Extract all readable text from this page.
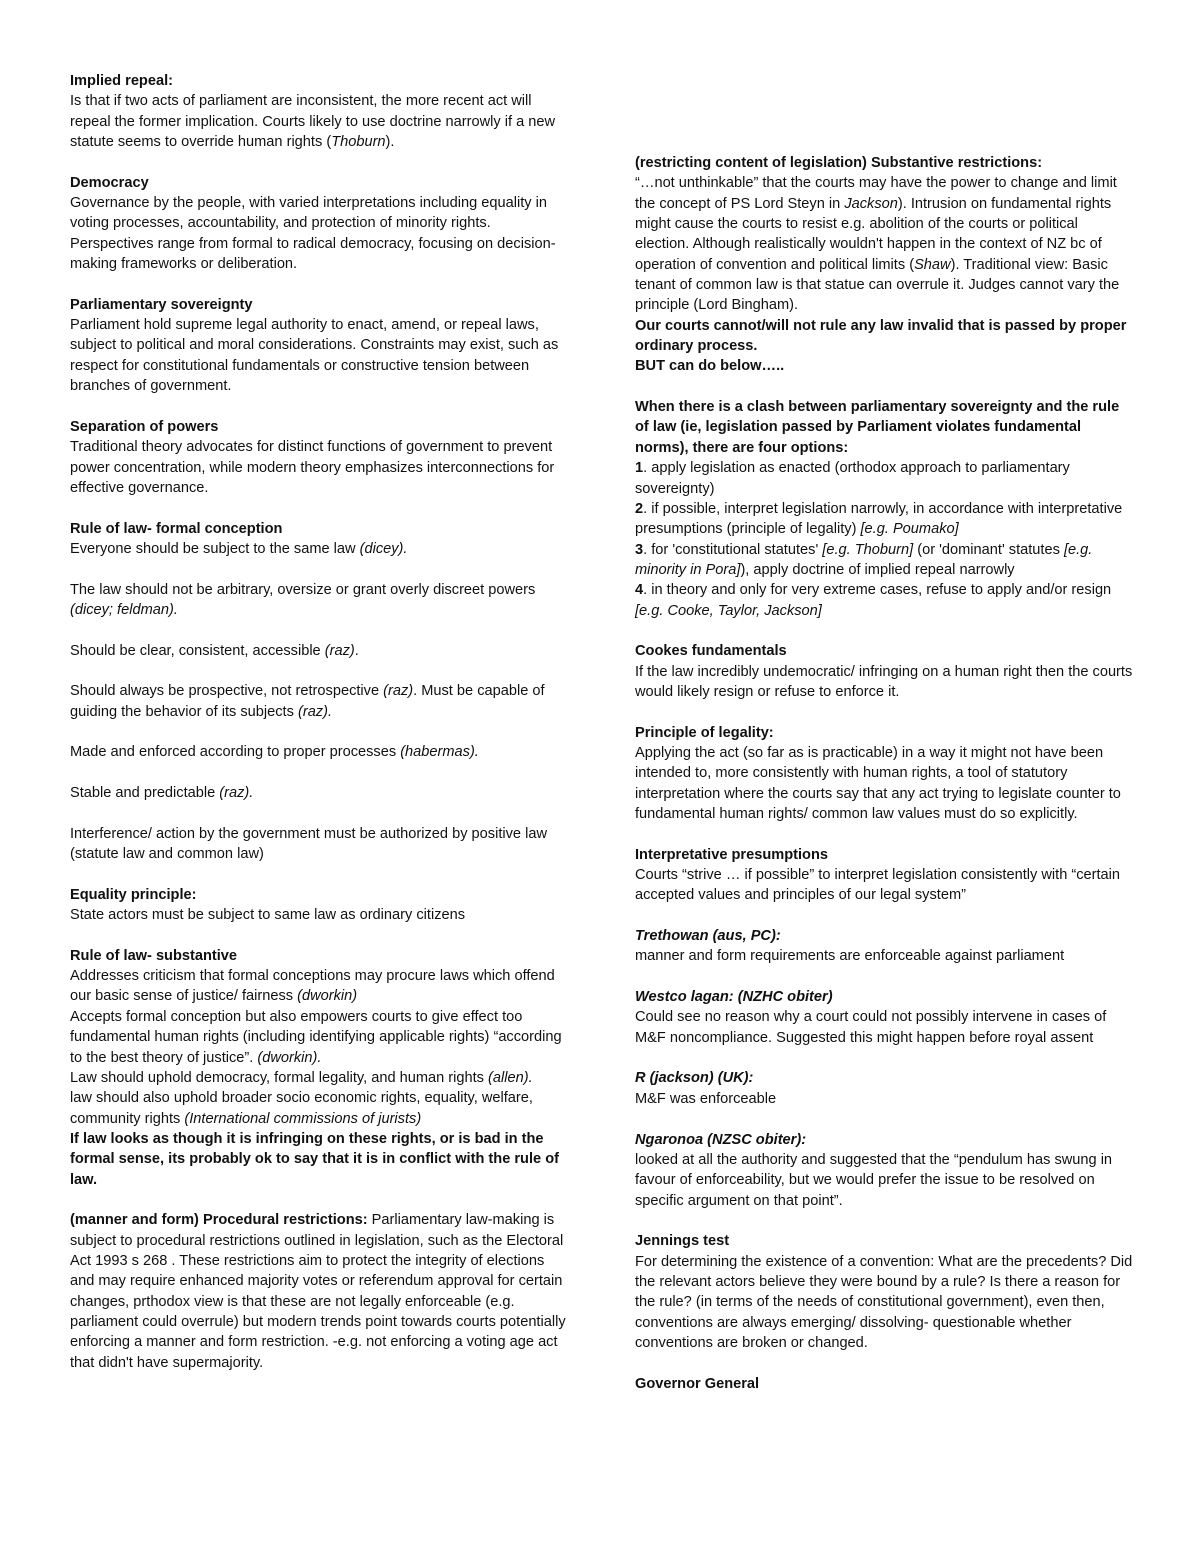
Implied repeal:
Is that if two acts of parliament are inconsistent, the more recent act will repeal the former implication. Courts likely to use doctrine narrowly if a new statute seems to override human rights (Thoburn).
Democracy
Governance by the people, with varied interpretations including equality in voting processes, accountability, and protection of minority rights. Perspectives range from formal to radical democracy, focusing on decision-making frameworks or deliberation.
Parliamentary sovereignty
Parliament hold supreme legal authority to enact, amend, or repeal laws, subject to political and moral considerations. Constraints may exist, such as respect for constitutional fundamentals or constructive tension between branches of government.
Separation of powers
Traditional theory advocates for distinct functions of government to prevent power concentration, while modern theory emphasizes interconnections for effective governance.
Rule of law- formal conception
Everyone should be subject to the same law (dicey).
The law should not be arbitrary, oversize or grant overly discreet powers (dicey; feldman).
Should be clear, consistent, accessible (raz).
Should always be prospective, not retrospective (raz). Must be capable of guiding the behavior of its subjects (raz).
Made and enforced according to proper processes (habermas).
Stable and predictable (raz).
Interference/ action by the government must be authorized by positive law (statute law and common law)
Equality principle:
State actors must be subject to same law as ordinary citizens
Rule of law- substantive
Addresses criticism that formal conceptions may procure laws which offend our basic sense of justice/ fairness (dworkin)
Accepts formal conception but also empowers courts to give effect too fundamental human rights (including identifying applicable rights) “according to the best theory of justice”. (dworkin).
Law should uphold democracy, formal legality, and human rights (allen).
law should also uphold broader socio economic rights, equality, welfare, community rights (International commissions of jurists)
If law looks as though it is infringing on these rights, or is bad in the formal sense, its probably ok to say that it is in conflict with the rule of law.
(manner and form) Procedural restrictions: Parliamentary law-making is subject to procedural restrictions outlined in legislation, such as the Electoral Act 1993 s 268 . These restrictions aim to protect the integrity of elections and may require enhanced majority votes or referendum approval for certain changes, prthodox view is that these are not legally enforceable (e.g. parliament could overrule) but modern trends point towards courts potentially enforcing a manner and form restriction. -e.g. not enforcing a voting age act that didn't have supermajority.
(restricting content of legislation) Substantive restrictions:
“…not unthinkable” that the courts may have the power to change and limit the concept of PS Lord Steyn in Jackson). Intrusion on fundamental rights might cause the courts to resist e.g. abolition of the courts or political election. Although realistically wouldn't happen in the context of NZ bc of operation of convention and political limits (Shaw). Traditional view: Basic tenant of common law is that statue can overrule it. Judges cannot vary the principle (Lord Bingham).
Our courts cannot/will not rule any law invalid that is passed by proper ordinary process.
BUT can do below…..
When there is a clash between parliamentary sovereignty and the rule of law (ie, legislation passed by Parliament violates fundamental norms), there are four options:
1. apply legislation as enacted (orthodox approach to parliamentary sovereignty)
2. if possible, interpret legislation narrowly, in accordance with interpretative presumptions (principle of legality) [e.g. Poumako]
3. for 'constitutional statutes' [e.g. Thoburn] (or 'dominant' statutes [e.g. minority in Pora]), apply doctrine of implied repeal narrowly
4. in theory and only for very extreme cases, refuse to apply and/or resign [e.g. Cooke, Taylor, Jackson]
Cookes fundamentals
If the law incredibly undemocratic/ infringing on a human right then the courts would likely resign or refuse to enforce it.
Principle of legality:
Applying the act (so far as is practicable) in a way it might not have been intended to, more consistently with human rights, a tool of statutory interpretation where the courts say that any act trying to legislate counter to fundamental human rights/ common law values must do so explicitly.
Interpretative presumptions
Courts “strive … if possible” to interpret legislation consistently with “certain accepted values and principles of our legal system”
Trethowan (aus, PC):
manner and form requirements are enforceable against parliament
Westco lagan: (NZHC obiter)
Could see no reason why a court could not possibly intervene in cases of M&F noncompliance. Suggested this might happen before royal assent
R (jackson) (UK):
M&F was enforceable
Ngaronoa (NZSC obiter):
looked at all the authority and suggested that the “pendulum has swung in favour of enforceability, but we would prefer the issue to be resolved on specific argument on that point”.
Jennings test
For determining the existence of a convention: What are the precedents? Did the relevant actors believe they were bound by a rule? Is there a reason for the rule? (in terms of the needs of constitutional government), even then, conventions are always emerging/ dissolving- questionable whether conventions are broken or changed.
Governor General
